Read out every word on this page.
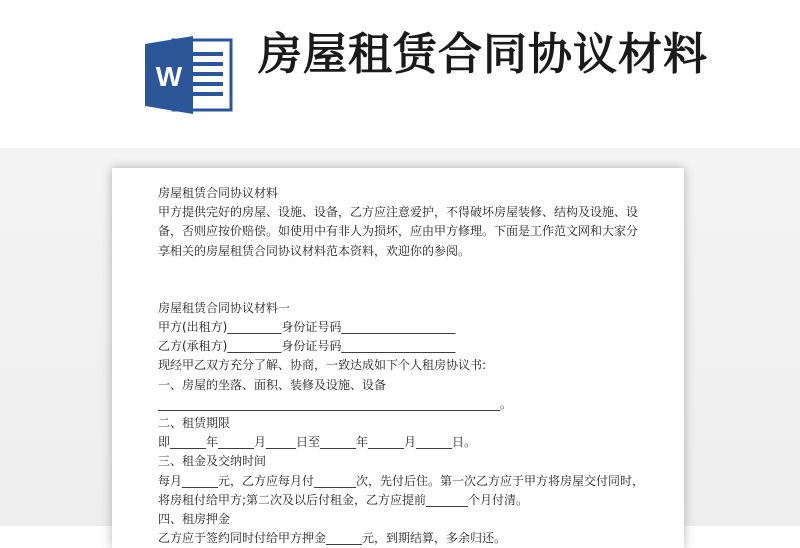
W 房屋租赁合同协议材料

房屋租赁合同协议材料

甲方提供完好的房屋、设施、设备，乙方应注意爱护，不得破坏房屋装修、结构及设施、设

备，否则应按价赔偿。如使用中有非人为损坏，应由甲方修理。下面是工作范文网和大家分

享相关的房屋租赁合同协议材料范本资料，欢迎你的参阅。

房屋租赁合同协议材料一

甲方(出租方)_________身份证号码___________________

乙方(承租方)_________身份证号码___________________

现经甲乙双方充分了解、协商，一致达成如下个人租房协议书:

一、房屋的坐落、面积、装修及设施、设备

_________________________________________________________。

二、租赁期限

即______年______月_____日至______年______月______日。

三、租金及交纳时间

每月______元，乙方应每月付_______次，先付后住。第一次乙方应于甲方将房屋交付同时，

将房租付给甲方;第二次及以后付租金，乙方应提前_______个月付清。

四、租房押金

乙方应于签约同时付给甲方押金______元，到期结算，多余归还。
